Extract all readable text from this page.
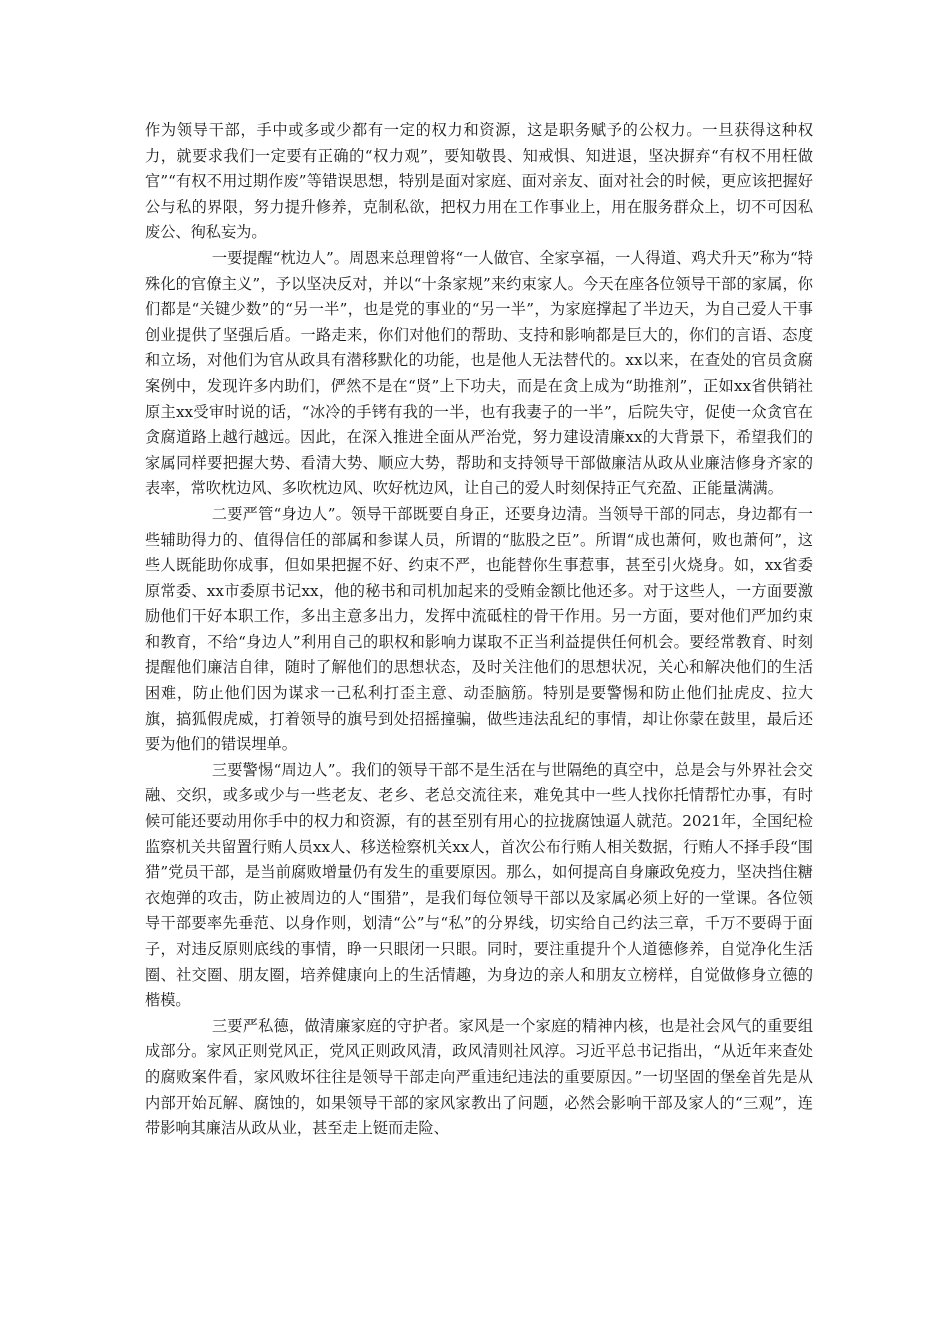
作为领导干部，手中或多或少都有一定的权力和资源，这是职务赋予的公权力。一旦获得这种权力，就要求我们一定要有正确的“权力观”，要知敬畏、知戒惧、知进退，坚决摒弃“有权不用枉做官”“有权不用过期作废”等错误思想，特别是面对家庭、面对亲友、面对社会的时候，更应该把握好公与私的界限，努力提升修养，克制私欲，把权力用在工作事业上，用在服务群众上，切不可因私废公、徇私妄为。

一要提醒“枕边人”。周恩来总理曾将“一人做官、全家享福，一人得道、鸡犬升天”称为“特殊化的官僚主义”，予以坚决反对，并以“十条家规”来约束家人。今天在座各位领导干部的家属，你们都是“关键少数”的“另一半”，也是党的事业的“另一半”，为家庭撑起了半边天，为自己爱人干事创业提供了坚强后盾。一路走来，你们对他们的帮助、支持和影响都是巨大的，你们的言语、态度和立场，对他们为官从政具有潜移默化的功能，也是他人无法替代的。xx以来，在查处的官员贪腐案例中，发现许多内助们，俨然不是在“贤”上下功夫，而是在贪上成为“助推剂”，正如xx省供销社原主xx受审时说的话，“冰冷的手铐有我的一半，也有我妻子的一半”，后院失守，促使一众贪官在贪腐道路上越行越远。因此，在深入推进全面从严治党，努力建设清廉xx的大背景下，希望我们的家属同样要把握大势、看清大势、顺应大势，帮助和支持领导干部做廉洁从政从业廉洁修身齐家的表率，常吹枕边风、多吹枕边风、吹好枕边风，让自己的爱人时刻保持正气充盈、正能量满满。

二要严管“身边人”。领导干部既要自身正，还要身边清。当领导干部的同志，身边都有一些辅助得力的、值得信任的部属和参谋人员，所谓的“肱股之臣”。所谓“成也萧何，败也萧何”，这些人既能助你成事，但如果把握不好、约束不严，也能替你生事惹事，甚至引火烧身。如，xx省委原常委、xx市委原书记xx，他的秘书和司机加起来的受贿金额比他还多。对于这些人，一方面要激励他们干好本职工作，多出主意多出力，发挥中流砥柱的骨干作用。另一方面，要对他们严加约束和教育，不给“身边人”利用自己的职权和影响力谋取不正当利益提供任何机会。要经常教育、时刻提醒他们廉洁自律，随时了解他们的思想状态，及时关注他们的思想状况，关心和解决他们的生活困难，防止他们因为谋求一己私利打歪主意、动歪脑筋。特别是要警惕和防止他们扯虎皮、拉大旗，搞狐假虎威，打着领导的旗号到处招摇撞骗，做些违法乱纪的事情，却让你蒙在鼓里，最后还要为他们的错误埋单。

三要警惕“周边人”。我们的领导干部不是生活在与世隔绝的真空中，总是会与外界社会交融、交织，或多或少与一些老友、老乡、老总交流往来，难免其中一些人找你托情帮忙办事，有时候可能还要动用你手中的权力和资源，有的甚至别有用心的拉拢腐蚀逼人就范。2021年，全国纪检监察机关共留置行贿人员xx人、移送检察机关xx人，首次公布行贿人相关数据，行贿人不择手段“围猎”党员干部，是当前腐败增量仍有发生的重要原因。那么，如何提高自身廉政免疫力，坚决挡住糖衣炮弹的攻击，防止被周边的人“围猎”，是我们每位领导干部以及家属必须上好的一堂课。各位领导干部要率先垂范、以身作则，划清“公”与“私”的分界线，切实给自己约法三章，千万不要碍于面子，对违反原则底线的事情，睁一只眼闭一只眼。同时，要注重提升个人道德修养，自觉净化生活圈、社交圈、朋友圈，培养健康向上的生活情趣，为身边的亲人和朋友立榜样，自觉做修身立德的楷模。

三要严私德，做清廉家庭的守护者。家风是一个家庭的精神内核，也是社会风气的重要组成部分。家风正则党风正，党风正则政风清，政风清则社风淳。习近平总书记指出，“从近年来查处的腐败案件看，家风败坏往往是领导干部走向严重违纪违法的重要原因。”一切坚固的堡垒首先是从内部开始瓦解、腐蚀的，如果领导干部的家风家教出了问题，必然会影响干部及家人的“三观”，连带影响其廉洁从政从业，甚至走上铤而走险、
